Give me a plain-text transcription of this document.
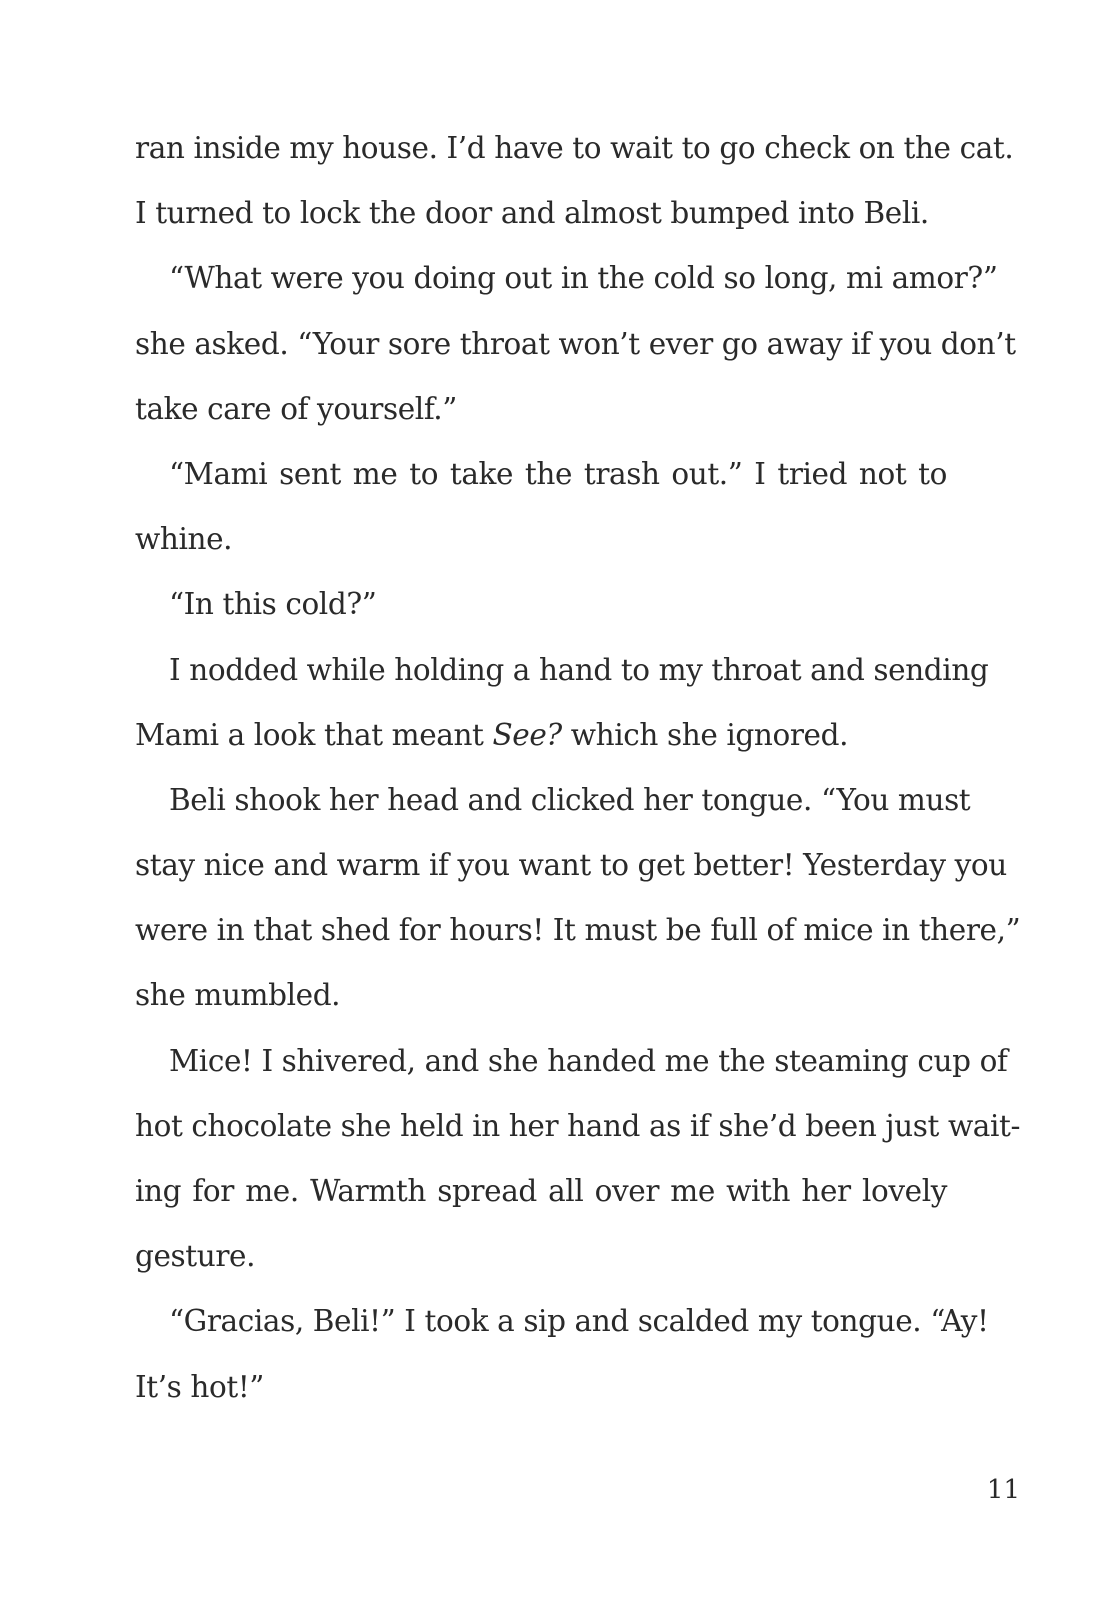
ran inside my house. I’d have to wait to go check on the cat.
I turned to lock the door and almost bumped into Beli.
“What were you doing out in the cold so long, mi amor?”
she asked. “Your sore throat won’t ever go away if you don’t
take care of yourself.”
“Mami sent me to take the trash out.” I tried not to
whine.
“In this cold?”
I nodded while holding a hand to my throat and sending
Mami a look that meant See? which she ignored.
Beli shook her head and clicked her tongue. “You must
stay nice and warm if you want to get better! Yesterday you
were in that shed for hours! It must be full of mice in there,”
she mumbled.
Mice! I shivered, and she handed me the steaming cup of
hot chocolate she held in her hand as if she’d been just wait-
ing for me. Warmth spread all over me with her lovely
gesture.
“Gracias, Beli!” I took a sip and scalded my tongue. “Ay!
It’s hot!”
11
